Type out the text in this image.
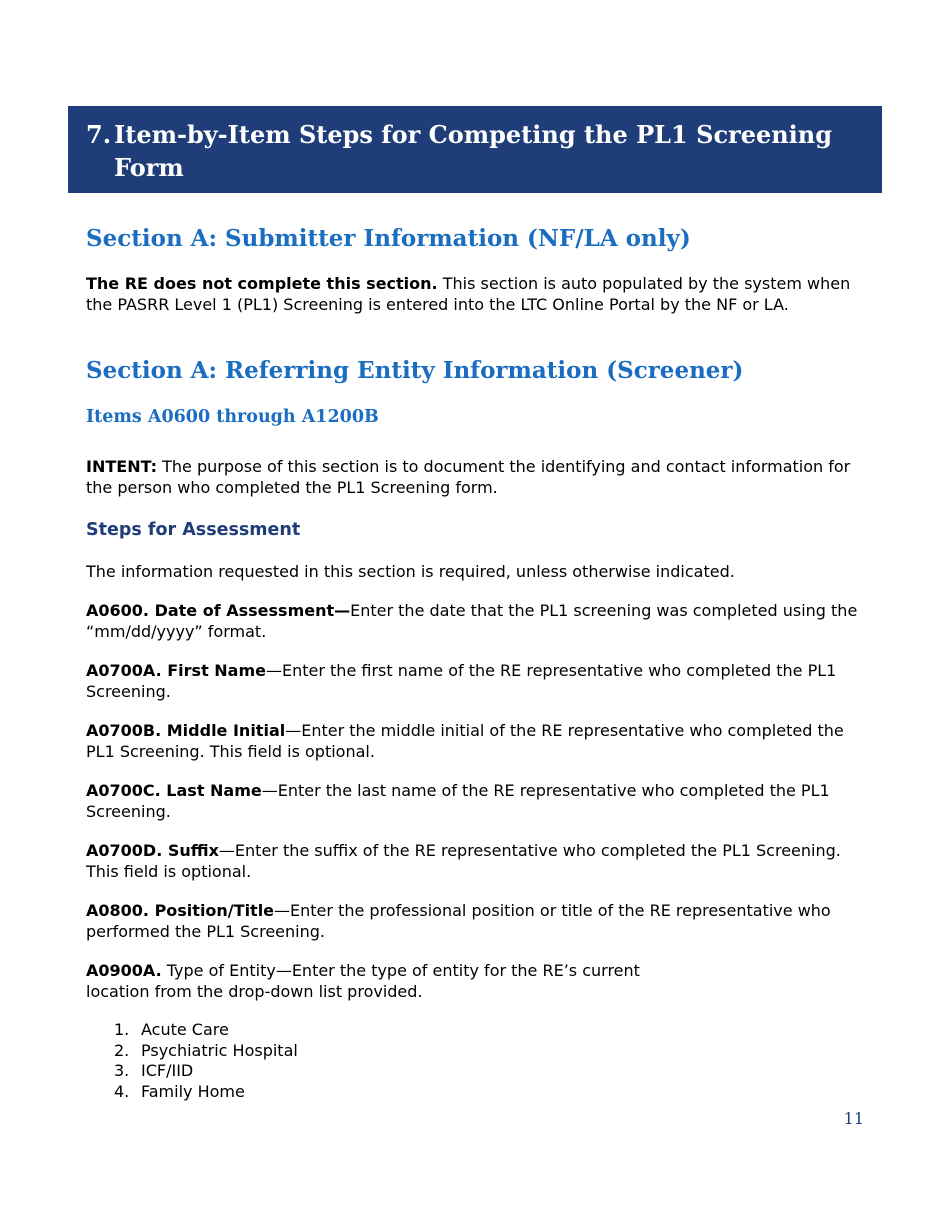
7. Item-by-Item Steps for Competing the PL1 Screening Form
Section A: Submitter Information (NF/LA only)

The RE does not complete this section. This section is auto populated by the system when the PASRR Level 1 (PL1) Screening is entered into the LTC Online Portal by the NF or LA.

Section A: Referring Entity Information (Screener)
Items A0600 through A1200B

INTENT: The purpose of this section is to document the identifying and contact information for the person who completed the PL1 Screening form.

Steps for Assessment

The information requested in this section is required, unless otherwise indicated.

A0600. Date of Assessment—Enter the date that the PL1 screening was completed using the “mm/dd/yyyy” format.

A0700A. First Name—Enter the first name of the RE representative who completed the PL1 Screening.

A0700B. Middle Initial—Enter the middle initial of the RE representative who completed the PL1 Screening. This field is optional.

A0700C. Last Name—Enter the last name of the RE representative who completed the PL1 Screening.

A0700D. Suffix—Enter the suffix of the RE representative who completed the PL1 Screening. This field is optional.

A0800. Position/Title—Enter the professional position or title of the RE representative who performed the PL1 Screening.

A0900A. Type of Entity—Enter the type of entity for the RE’s current location from the drop-down list provided.

1. Acute Care
2. Psychiatric Hospital
3. ICF/IID
4. Family Home
11
